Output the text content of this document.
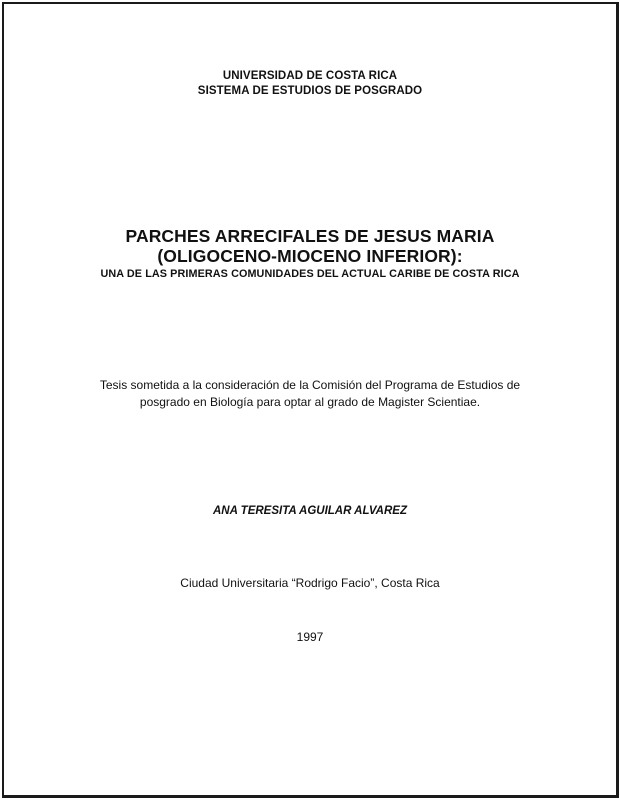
UNIVERSIDAD DE COSTA RICA
SISTEMA DE ESTUDIOS DE POSGRADO
PARCHES ARRECIFALES DE JESUS MARIA
(OLIGOCENO-MIOCENO INFERIOR):
UNA DE LAS PRIMERAS COMUNIDADES DEL ACTUAL CARIBE DE COSTA RICA
Tesis sometida a la consideración de la Comisión del Programa de Estudios de
posgrado en Biología para optar al grado de Magister Scientiae.
ANA TERESITA AGUILAR ALVAREZ
Ciudad Universitaria “Rodrigo Facio”, Costa Rica
1997
